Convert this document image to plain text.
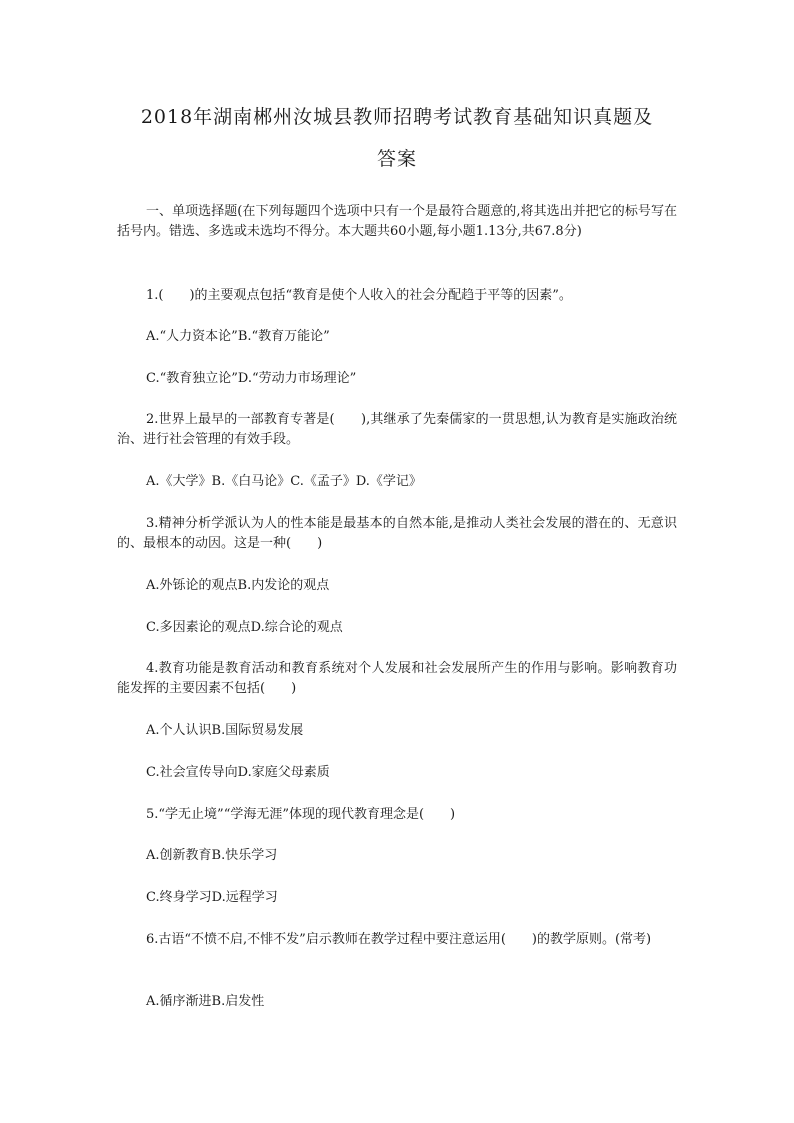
2018年湖南郴州汝城县教师招聘考试教育基础知识真题及
答案

一、单项选择题(在下列每题四个选项中只有一个是最符合题意的,将其选出并把它的标号写在括号内。错选、多选或未选均不得分。本大题共60小题,每小题1.13分,共67.8分)

1.(　　)的主要观点包括“教育是使个人收入的社会分配趋于平等的因素”。

A.“人力资本论”B.“教育万能论”

C.“教育独立论”D.“劳动力市场理论”

2.世界上最早的一部教育专著是(　　),其继承了先秦儒家的一贯思想,认为教育是实施政治统治、进行社会管理的有效手段。

A.《大学》B.《白马论》C.《孟子》D.《学记》

3.精神分析学派认为人的性本能是最基本的自然本能,是推动人类社会发展的潜在的、无意识的、最根本的动因。这是一种(　　)

A.外铄论的观点B.内发论的观点

C.多因素论的观点D.综合论的观点

4.教育功能是教育活动和教育系统对个人发展和社会发展所产生的作用与影响。影响教育功能发挥的主要因素不包括(　　)

A.个人认识B.国际贸易发展

C.社会宣传导向D.家庭父母素质

5.“学无止境”“学海无涯”体现的现代教育理念是(　　)

A.创新教育B.快乐学习

C.终身学习D.远程学习

6.古语“不愤不启,不悱不发”启示教师在教学过程中要注意运用(　　)的教学原则。(常考)

A.循序渐进B.启发性
